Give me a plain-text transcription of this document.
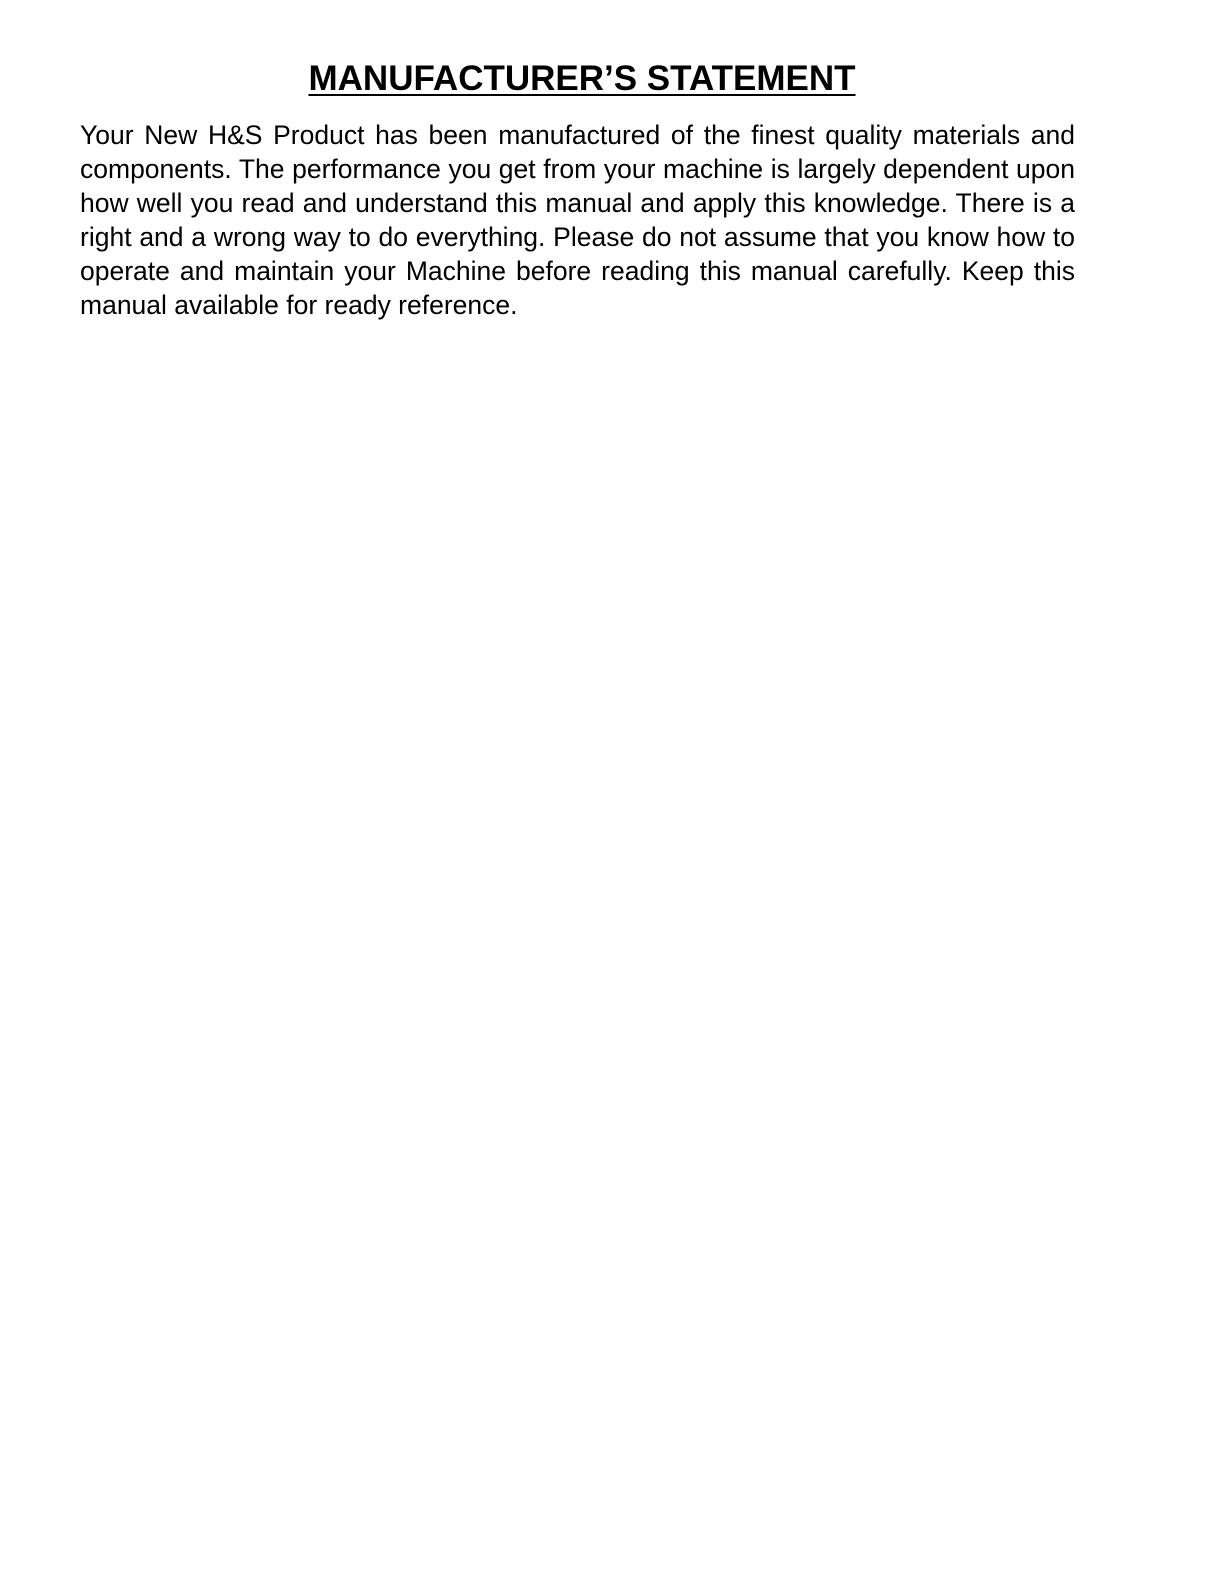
MANUFACTURER’S STATEMENT

Your New H&S Product has been manufactured of the finest quality materials and components. The performance you get from your machine is largely dependent upon how well you read and understand this manual and apply this knowledge. There is a right and a wrong way to do everything. Please do not assume that you know how to operate and maintain your Machine before reading this manual carefully. Keep this manual available for ready reference.
